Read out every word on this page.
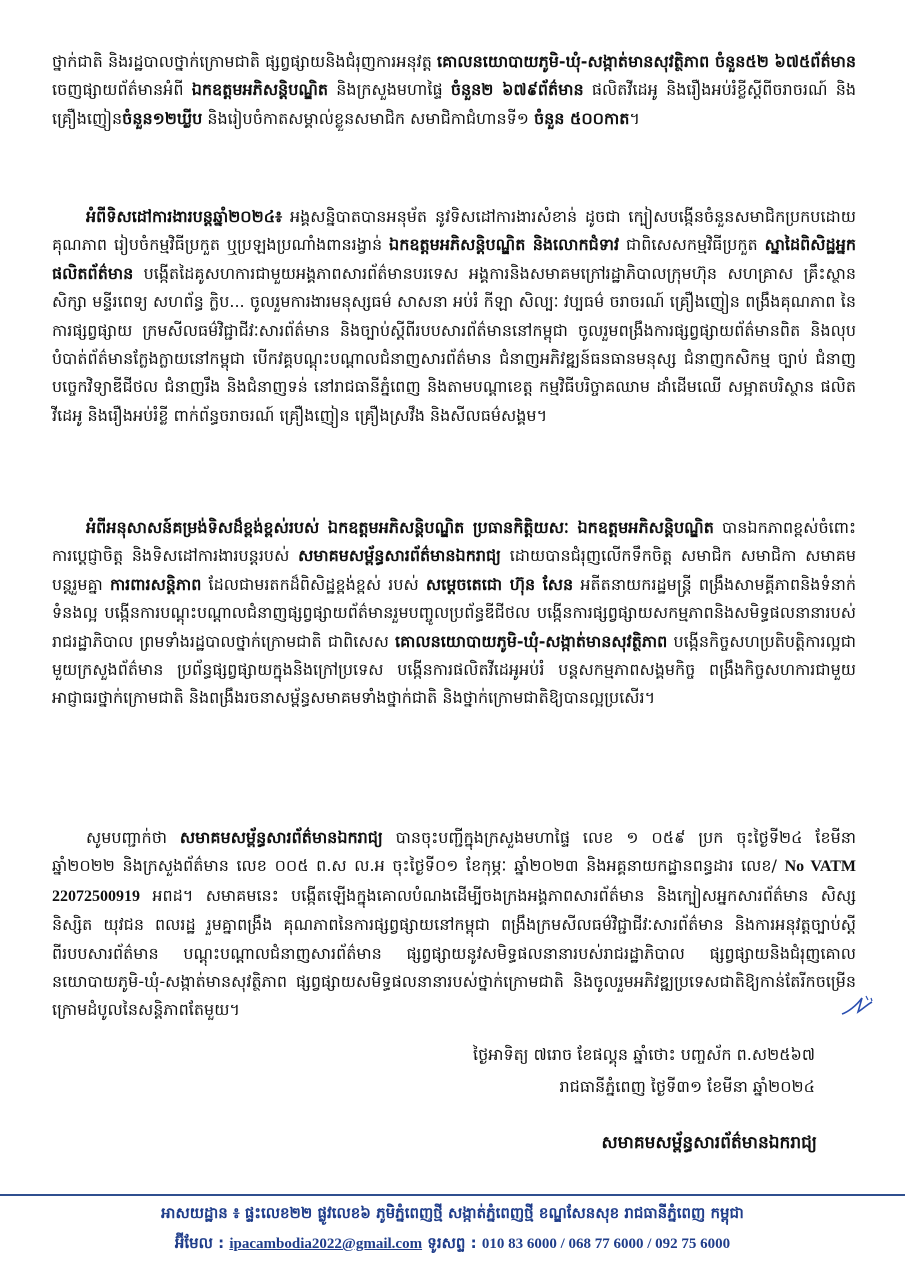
ថ្នាក់ជាតិ និងរដ្ឋបាលថ្នាក់ក្រោមជាតិ ផ្សព្វផ្សាយនិងជំរុញការអនុវត្ត គោលនយោបាយភូមិ-ឃុំ-សង្កាត់មានសុវត្ថិភាព ចំនួន៥២ ៦៧៥ព័ត៌មាន ចេញផ្សាយព័ត៌មានអំពី ឯកឧត្តមអភិសន្តិបណ្ឌិត និងក្រសួងមហាផ្ទៃ ចំនួន២ ៦៧៩ព័ត៌មាន ផលិតវីដេអូ និងរឿងអប់រំខ្លីស្តីពីចរាចរណ៍ និងគ្រឿងញៀនចំនួន១២ឃ្លីប និងរៀបចំកាតសម្គាល់ខ្លួនសមាជិក សមាជិកាជំហានទី១ ចំនួន ៥០០កាត។

អំពីទិសដៅការងារបន្តឆ្នាំ២០២៤៖ អង្គសន្និបាតបានអនុម័ត នូវទិសដៅការងារសំខាន់ ដូចជា ក្បៀសបង្កើនចំនួនសមាជិកប្រកបដោយគុណភាព រៀបចំកម្មវិធីប្រកួត ឬប្រឡងប្រណាំងពានរង្វាន់ ឯកឧត្តមអភិសន្តិបណ្ឌិត និងលោកជំទាវ ជាពិសេសកម្មវិធីប្រកួត ស្នាដៃពិសិដ្ឋអ្នកផលិតព័ត៌មាន បង្កើតដៃគូសហការជាមួយអង្គភាពសារព័ត៌មានបរទេស អង្គការនិងសមាគមក្រៅរដ្ឋាភិបាលក្រុមហ៊ុន សហគ្រាស គ្រឹះស្ថានសិក្សា មន្ទីរពេទ្យ សហព័ន្ធ ក្លិប... ចូលរួមការងារមនុស្សធម៌ សាសនា អប់រំ កីឡា សិល្បៈ វប្បធម៌ ចរាចរណ៍ គ្រឿងញៀន ពង្រឹងគុណភាព នៃការផ្សព្វផ្សាយ ក្រមសីលធម៌វិជ្ជាជីវៈសារព័ត៌មាន និងច្បាប់ស្តីពីរបបសារព័ត៌មាននៅកម្ពុជា ចូលរួមពង្រឹងការផ្សព្វផ្សាយព័ត៌មានពិត និងលុបបំបាត់ព័ត៌មានក្លែងក្លាយនៅកម្ពុជា បើកវគ្គបណ្តុះបណ្តាលជំនាញសារព័ត៌មាន ជំនាញអភិវឌ្ឍន៍ធនធានមនុស្ស ជំនាញកសិកម្ម ច្បាប់ ជំនាញបច្ចេកវិទ្យាឌីជីថល ជំនាញរឹង និងជំនាញទន់ នៅរាជធានីភ្នំពេញ និងតាមបណ្តាខេត្ត កម្មវិធីបរិច្ចាគឈាម ដាំដើមឈើ សម្អាតបរិស្ថាន ផលិតវីដេអូ និងរឿងអប់រំខ្លី ពាក់ព័ន្ធចរាចរណ៍ គ្រឿងញៀន គ្រឿងស្រវឹង និងសីលធម៌សង្គម។

អំពីអនុសាសន៍គម្រង់ទិសដ៏ខ្ពង់ខ្ពស់របស់ ឯកឧត្តមអភិសន្តិបណ្ឌិត ប្រធានកិត្តិយសៈ ឯកឧត្តមអភិសន្តិបណ្ឌិត បានឯកភាពខ្ពស់ចំពោះការប្តេជ្ញាចិត្ត និងទិសដៅការងារបន្តរបស់ សមាគមសម្ព័ន្ធសារព័ត៌មានឯករាជ្យ ដោយបានជំរុញលើកទឹកចិត្ត សមាជិក សមាជិកា សមាគម បន្តរួមគ្នា ការពារសន្តិភាព ដែលជាមរតកដ៏ពិសិដ្ឋខ្ពង់ខ្ពស់ របស់ សម្តេចតេជោ ហ៊ុន សែន អតីតនាយករដ្ឋមន្ត្រី ពង្រឹងសាមគ្គីភាពនិងទំនាក់ទំនងល្អ បង្កើនការបណ្តុះបណ្តាលជំនាញផ្សព្វផ្សាយព័ត៌មានរួមបញ្ចូលប្រព័ន្ធឌីជីថល បង្កើនការផ្សព្វផ្សាយសកម្មភាពនិងសមិទ្ធផលនានារបស់រាជរដ្ឋាភិបាល ព្រមទាំងរដ្ឋបាលថ្នាក់ក្រោមជាតិ ជាពិសេស គោលនយោបាយភូមិ-ឃុំ-សង្កាត់មានសុវត្ថិភាព បង្កើនកិច្ចសហប្រតិបត្តិការល្អជាមួយក្រសួងព័ត៌មាន ប្រព័ន្ធផ្សព្វផ្សាយក្នុងនិងក្រៅប្រទេស បង្កើនការផលិតវីដេអូអប់រំ បន្តសកម្មភាពសង្គមកិច្ច ពង្រឹងកិច្ចសហការជាមួយអាជ្ញាធរថ្នាក់ក្រោមជាតិ និងពង្រឹងរចនាសម្ព័ន្ធសមាគមទាំងថ្នាក់ជាតិ និងថ្នាក់ក្រោមជាតិឱ្យបានល្អប្រសើរ។

សូមបញ្ជាក់ថា សមាគមសម្ព័ន្ធសារព័ត៌មានឯករាជ្យ បានចុះបញ្ជីក្នុងក្រសួងមហាផ្ទៃ លេខ ១ ០៥៩ ប្រក ចុះថ្ងៃទី២៤ ខែមីនា ឆ្នាំ២០២២ និងក្រសួងព័ត៌មាន លេខ ០០៥ ព.ស ល.អ ចុះថ្ងៃទី០១ ខែកុម្ភៈ ឆ្នាំ២០២៣ និងអគ្គនាយកដ្ឋានពន្ធដារ លេខ/ No VATM 22072500919 អពដ។ សមាគមនេះ បង្កើតឡើងក្នុងគោលបំណងដើម្បីចងក្រងអង្គភាពសារព័ត៌មាន និងក្បៀសអ្នកសារព័ត៌មាន សិស្ស និស្សិត យុវជន ពលរដ្ឋ រួមគ្នាពង្រឹង គុណភាពនៃការផ្សព្វផ្សាយនៅកម្ពុជា ពង្រឹងក្រមសីលធម៌វិជ្ជាជីវៈសារព័ត៌មាន និងការអនុវត្តច្បាប់ស្តីពីរបបសារព័ត៌មាន បណ្តុះបណ្តាលជំនាញសារព័ត៌មាន ផ្សព្វផ្សាយនូវសមិទ្ធផលនានារបស់រាជរដ្ឋាភិបាល ផ្សព្វផ្សាយនិងជំរុញគោលនយោបាយភូមិ-ឃុំ-សង្កាត់មានសុវត្ថិភាព ផ្សព្វផ្សាយសមិទ្ធផលនានារបស់ថ្នាក់ក្រោមជាតិ និងចូលរួមអភិវឌ្ឍប្រទេសជាតិឱ្យកាន់តែរីកចម្រើនក្រោមដំបូលនៃសន្តិភាពតែមួយ។

ថ្ងៃអាទិត្យ ៧រោច ខែផល្គុន ឆ្នាំថោះ បញ្ចស័ក ព.ស២៥៦៧
រាជធានីភ្នំពេញ ថ្ងៃទី៣១ ខែមីនា ឆ្នាំ២០២៤
សមាគមសម្ព័ន្ធសារព័ត៌មានឯករាជ្យ
អាសយដ្ឋាន ៖ ផ្ទះលេខ២២ ផ្លូវលេខ៦ ភូមិភ្នំពេញថ្មី សង្កាត់ភ្នំពេញថ្មី ខណ្ឌសែនសុខ រាជធានីភ្នំពេញ កម្ពុជា
អ៊ីមែល : ipacambodia2022@gmail.com ទូរសព្ទ : 010 83 6000 / 068 77 6000 / 092 75 6000
